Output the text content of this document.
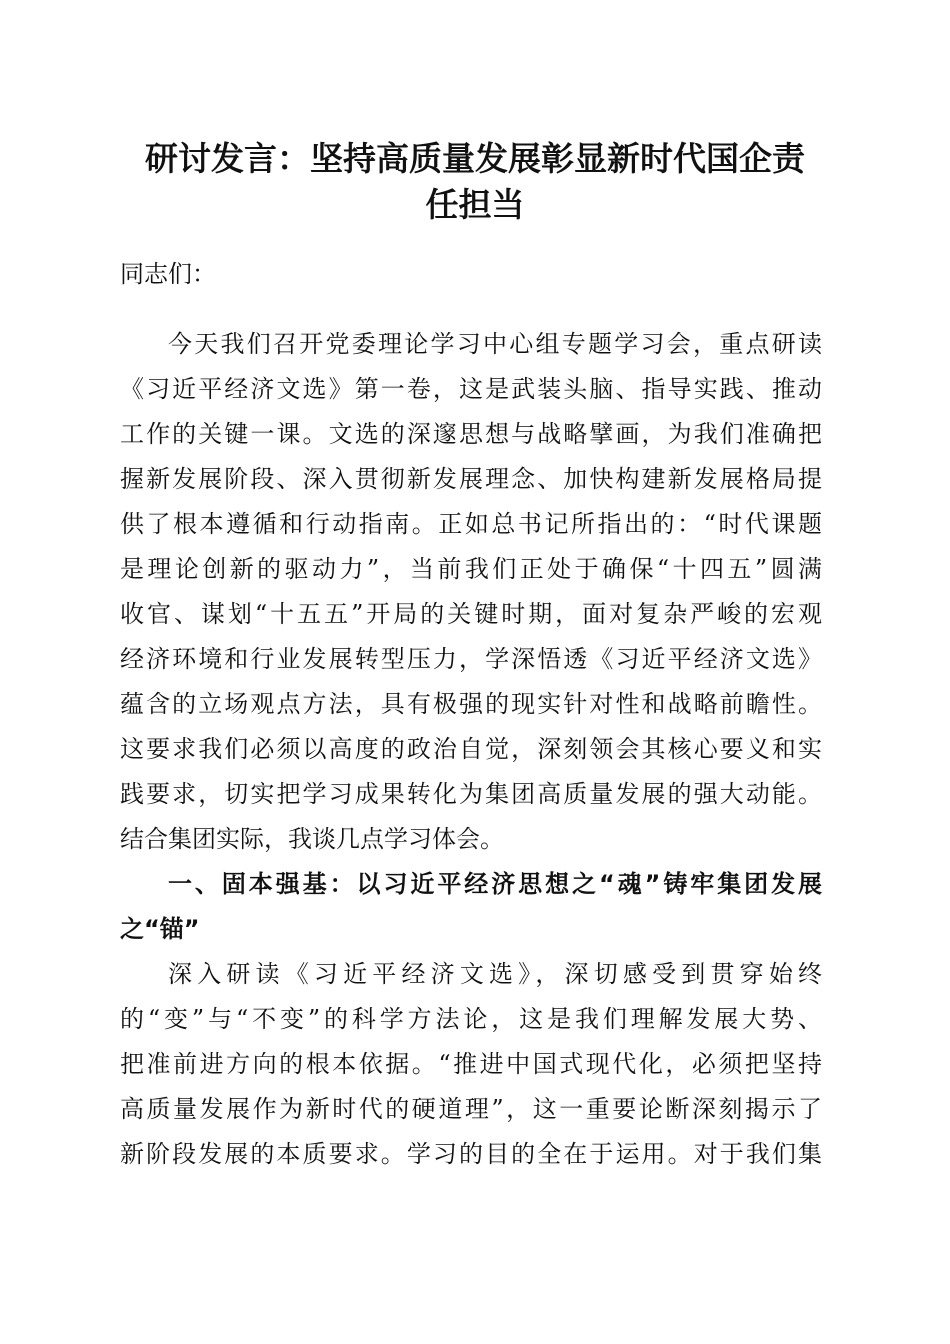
研讨发言：坚持高质量发展彰显新时代国企责
任担当
同志们：
今天我们召开党委理论学习中心组专题学习会，重点研读
《习近平经济文选》第一卷，这是武装头脑、指导实践、推动
工作的关键一课。文选的深邃思想与战略擘画，为我们准确把
握新发展阶段、深入贯彻新发展理念、加快构建新发展格局提
供了根本遵循和行动指南。正如总书记所指出的：“时代课题
是理论创新的驱动力”，当前我们正处于确保“十四五”圆满
收官、谋划“十五五”开局的关键时期，面对复杂严峻的宏观
经济环境和行业发展转型压力，学深悟透《习近平经济文选》
蕴含的立场观点方法，具有极强的现实针对性和战略前瞻性。
这要求我们必须以高度的政治自觉，深刻领会其核心要义和实
践要求，切实把学习成果转化为集团高质量发展的强大动能。
结合集团实际，我谈几点学习体会。
一、固本强基：以习近平经济思想之“魂”铸牢集团发展
之“锚”
深入研读《习近平经济文选》，深切感受到贯穿始终
的“变”与“不变”的科学方法论，这是我们理解发展大势、
把准前进方向的根本依据。“推进中国式现代化，必须把坚持
高质量发展作为新时代的硬道理”，这一重要论断深刻揭示了
新阶段发展的本质要求。学习的目的全在于运用。对于我们集
